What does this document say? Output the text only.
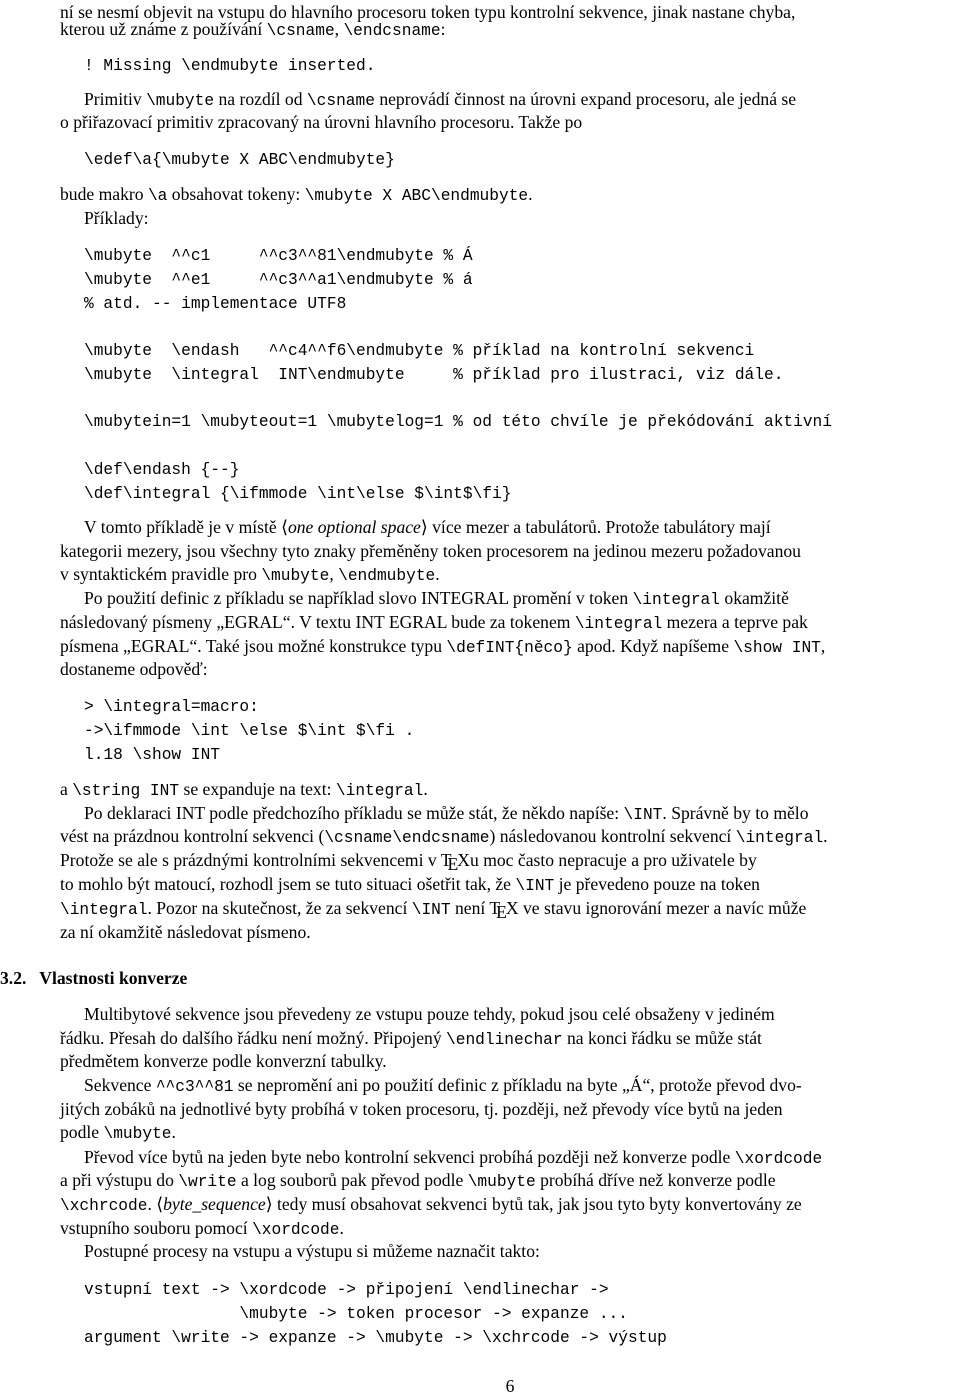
ní se nesmí objevit na vstupu do hlavního procesoru token typu kontrolní sekvence, jinak nastane chyba,
kterou už známe z používání \csname, \endcsname:
! Missing \endmubyte inserted.
Primitiv \mubyte na rozdíl od \csname neprovádí činnost na úrovni expand procesoru, ale jedná se
o přiřazovací primitiv zpracovaný na úrovni hlavního procesoru. Takže po
\edef\a{\mubyte X ABC\endmubyte}
bude makro \a obsahovat tokeny: \mubyte X ABC\endmubyte.
Příklady:
\mubyte  ^^c1     ^^c3^^81\endmubyte % Á
\mubyte  ^^e1     ^^c3^^a1\endmubyte % á
% atd. -- implementace UTF8
\mubyte  \endash   ^^c4^^f6\endmubyte % příklad na kontrolní sekvenci
\mubyte  \integral  INT\endmubyte     % příklad pro ilustraci, viz dále.
\mubytein=1 \mubyteout=1 \mubytelog=1 % od této chvíle je překódování aktivní
\def\endash {--}
\def\integral {\ifmmode \int\else $\int$\fi}
V tomto příkladě je v místě ⟨one optional space⟩ více mezer a tabulátorů. Protože tabulátory mají
kategorii mezery, jsou všechny tyto znaky přeměněny token procesorem na jedinou mezeru požadovanou
v syntaktickém pravidle pro \mubyte, \endmubyte.
Po použití definic z příkladu se například slovo INTEGRAL promění v token \integral okamžitě
následovaný písmeny „EGRAL“. V textu INT EGRAL bude za tokenem \integral mezera a teprve pak
písmena „EGRAL“. Také jsou možné konstrukce typu \defINT{něco} apod. Když napíšeme \show INT,
dostaneme odpověď:
> \integral=macro:
->\ifmmode \int \else $\int $\fi .
l.18 \show INT
a \string INT se expanduje na text: \integral.
Po deklaraci INT podle předchozího příkladu se může stát, že někdo napíše: \INT. Správně by to mělo
vést na prázdnou kontrolní sekvenci (\csname\endcsname) následovanou kontrolní sekvencí \integral.
Protože se ale s prázdnými kontrolními sekvencemi v TEXu moc často nepracuje a pro uživatele by
to mohlo být matoucí, rozhodl jsem se tuto situaci ošetřit tak, že \INT je převedeno pouze na token
\integral. Pozor na skutečnost, že za sekvencí \INT není TEX ve stavu ignorování mezer a navíc může
za ní okamžitě následovat písmeno.
3.2.   Vlastnosti konverze
Multibytové sekvence jsou převedeny ze vstupu pouze tehdy, pokud jsou celé obsaženy v jediném
řádku. Přesah do dalšího řádku není možný. Připojený \endlinechar na konci řádku se může stát
předmětem konverze podle konverzní tabulky.
Sekvence ^^c3^^81 se nepromění ani po použití definic z příkladu na byte „Á“, protože převod dvo-
jitých zobáků na jednotlivé byty probíhá v token procesoru, tj. později, než převody více bytů na jeden
podle \mubyte.
Převod více bytů na jeden byte nebo kontrolní sekvenci probíhá později než konverze podle \xordcode
a při výstupu do \write a log souborů pak převod podle \mubyte probíhá dříve než konverze podle
\xchrcode. ⟨byte_sequence⟩ tedy musí obsahovat sekvenci bytů tak, jak jsou tyto byty konvertovány ze
vstupního souboru pomocí \xordcode.
Postupné procesy na vstupu a výstupu si můžeme naznačit takto:
vstupní text -> \xordcode -> připojení \endlinechar ->
\mubyte -> token procesor -> expanze ...
argument \write -> expanze -> \mubyte -> \xchrcode -> výstup
6
